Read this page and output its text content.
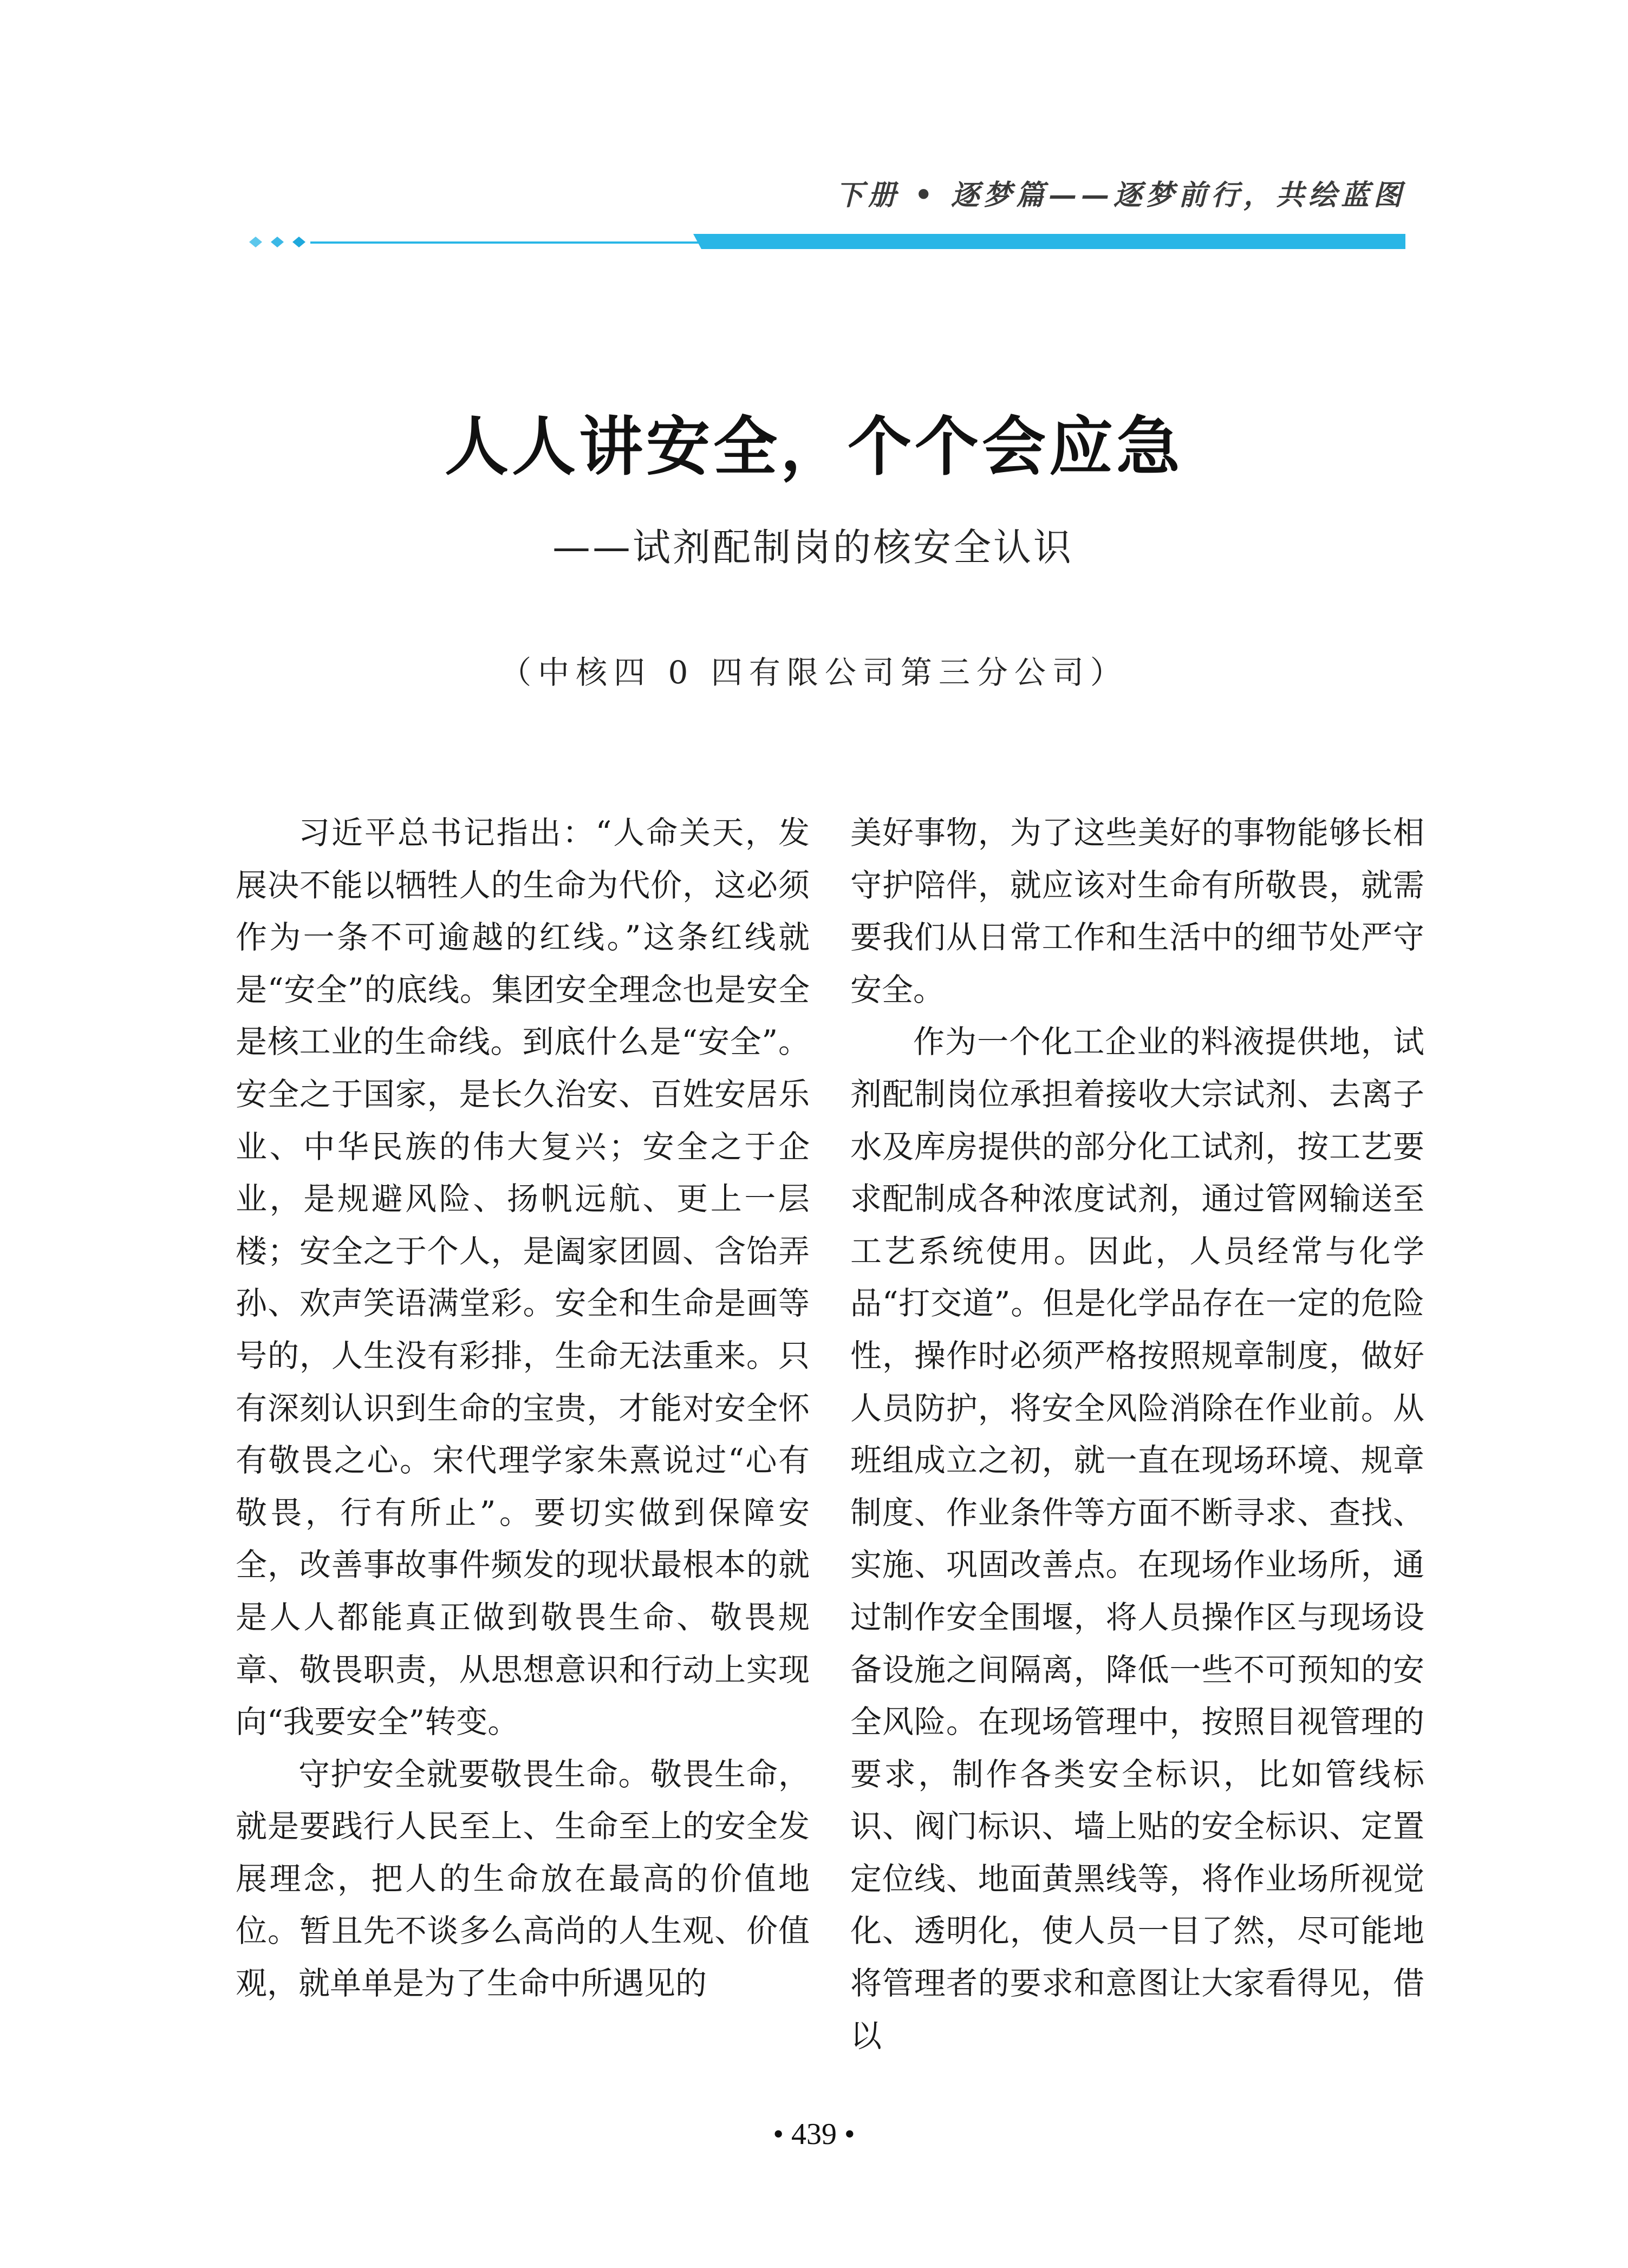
下册 • 逐梦篇——逐梦前行，共绘蓝图
人人讲安全，个个会应急
——试剂配制岗的核安全认识
（中核四 0 四有限公司第三分公司）

习近平总书记指出：“人命关天，发展决不能以牺牲人的生命为代价，这必须作为一条不可逾越的红线。”这条红线就是“安全”的底线。集团安全理念也是安全是核工业的生命线。到底什么是“安全”。安全之于国家，是长久治安、百姓安居乐业、中华民族的伟大复兴；安全之于企业，是规避风险、扬帆远航、更上一层楼；安全之于个人，是阖家团圆、含饴弄孙、欢声笑语满堂彩。安全和生命是画等号的，人生没有彩排，生命无法重来。只有深刻认识到生命的宝贵，才能对安全怀有敬畏之心。宋代理学家朱熹说过“心有敬畏，行有所止”。要切实做到保障安全，改善事故事件频发的现状最根本的就是人人都能真正做到敬畏生命、敬畏规章、敬畏职责，从思想意识和行动上实现向“我要安全”转变。

守护安全就要敬畏生命。敬畏生命，就是要践行人民至上、生命至上的安全发展理念，把人的生命放在最高的价值地位。暂且先不谈多么高尚的人生观、价值观，就单单是为了生命中所遇见的

美好事物，为了这些美好的事物能够长相守护陪伴，就应该对生命有所敬畏，就需要我们从日常工作和生活中的细节处严守安全。

作为一个化工企业的料液提供地，试剂配制岗位承担着接收大宗试剂、去离子水及库房提供的部分化工试剂，按工艺要求配制成各种浓度试剂，通过管网输送至工艺系统使用。因此，人员经常与化学品“打交道”。但是化学品存在一定的危险性，操作时必须严格按照规章制度，做好人员防护，将安全风险消除在作业前。从班组成立之初，就一直在现场环境、规章制度、作业条件等方面不断寻求、查找、实施、巩固改善点。在现场作业场所，通过制作安全围堰，将人员操作区与现场设备设施之间隔离，降低一些不可预知的安全风险。在现场管理中，按照目视管理的要求，制作各类安全标识，比如管线标识、阀门标识、墙上贴的安全标识、定置定位线、地面黄黑线等，将作业场所视觉化、透明化，使人员一目了然，尽可能地将管理者的要求和意图让大家看得见，借以

• 439 •
